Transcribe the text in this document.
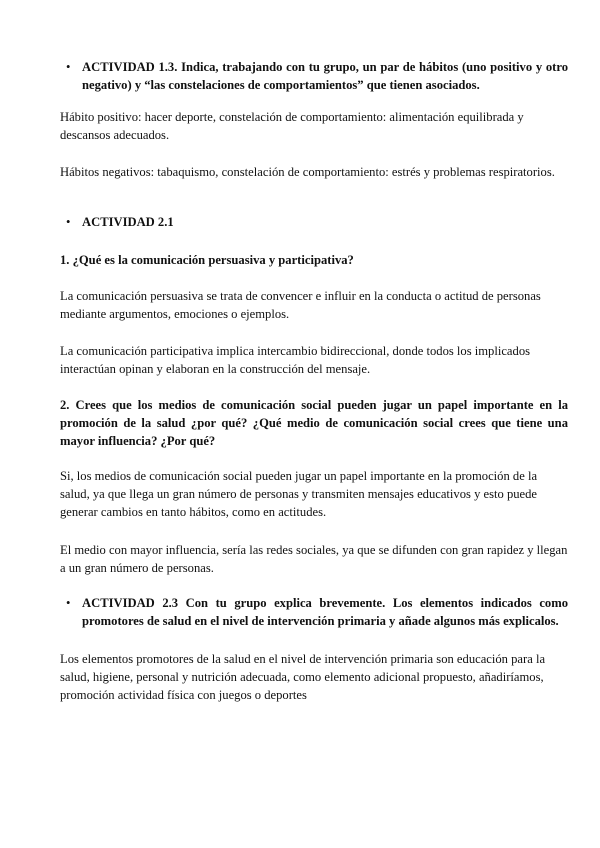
• ACTIVIDAD 1.3. Indica, trabajando con tu grupo, un par de hábitos (uno positivo y otro negativo) y “las constelaciones de comportamientos” que tienen asociados.

Hábito positivo: hacer deporte, constelación de comportamiento: alimentación equilibrada y descansos adecuados.

Hábitos negativos: tabaquismo, constelación de comportamiento: estrés y problemas respiratorios.

• ACTIVIDAD 2.1

1. ¿Qué es la comunicación persuasiva y participativa?

La comunicación persuasiva se trata de convencer e influir en la conducta o actitud de personas mediante argumentos, emociones o ejemplos.

La comunicación participativa implica intercambio bidireccional, donde todos los implicados interactúan opinan y elaboran en la construcción del mensaje.

2. Crees que los medios de comunicación social pueden jugar un papel importante en la promoción de la salud ¿por qué? ¿Qué medio de comunicación social crees que tiene una mayor influencia? ¿Por qué?

Si, los medios de comunicación social pueden jugar un papel importante en la promoción de la salud, ya que llega un gran número de personas y transmiten mensajes educativos y esto puede generar cambios en tanto hábitos, como en actitudes.

El medio con mayor influencia, sería las redes sociales, ya que se difunden con gran rapidez y llegan a un gran número de personas.

• ACTIVIDAD 2.3 Con tu grupo explica brevemente. Los elementos indicados como promotores de salud en el nivel de intervención primaria y añade algunos más explicalos.

Los elementos promotores de la salud en el nivel de intervención primaria son educación para la salud, higiene, personal y nutrición adecuada, como elemento adicional propuesto, añadiríamos, promoción actividad física con juegos o deportes
